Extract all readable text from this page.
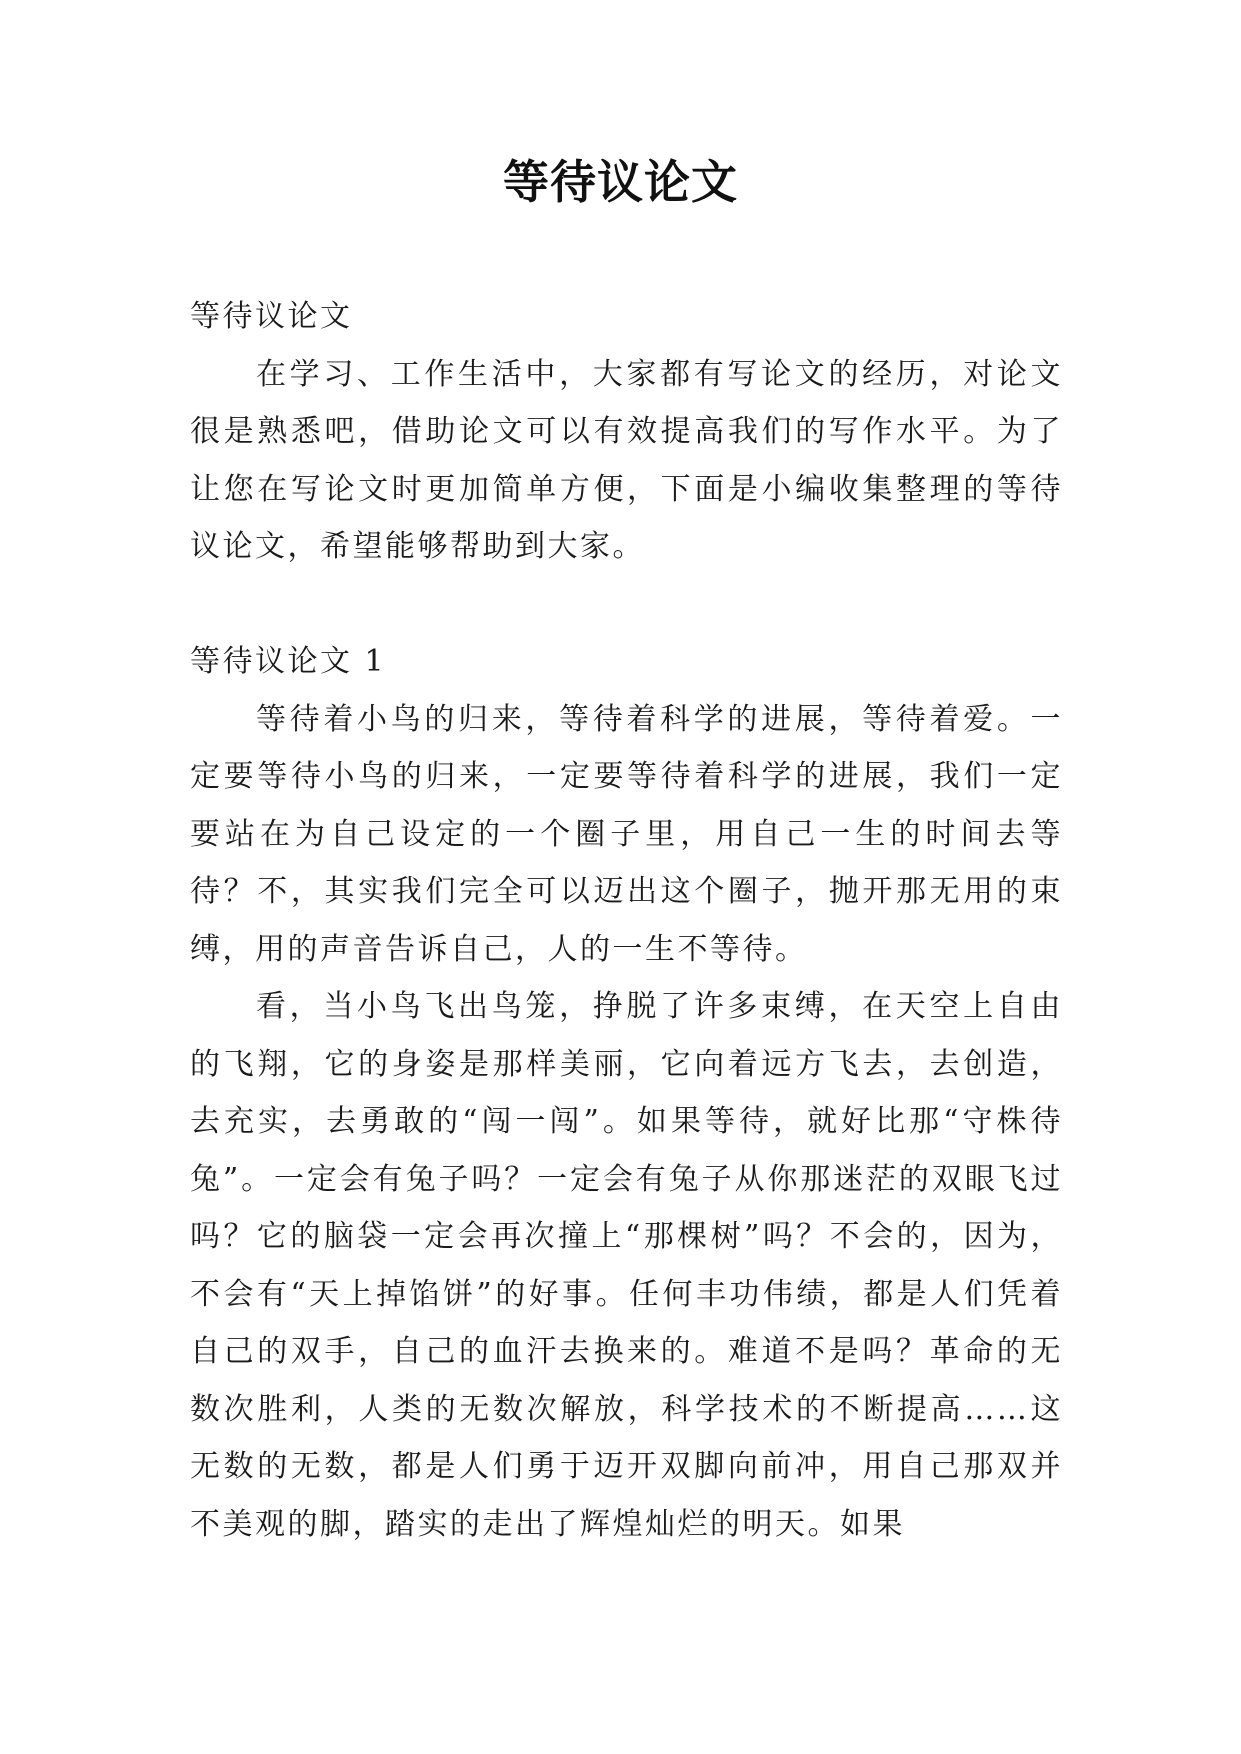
等待议论文

等待议论文

在学习、工作生活中，大家都有写论文的经历，对论文很是熟悉吧，借助论文可以有效提高我们的写作水平。为了让您在写论文时更加简单方便，下面是小编收集整理的等待议论文，希望能够帮助到大家。

等待议论文 1

等待着小鸟的归来，等待着科学的进展，等待着爱。一定要等待小鸟的归来，一定要等待着科学的进展，我们一定要站在为自己设定的一个圈子里，用自己一生的时间去等待？不，其实我们完全可以迈出这个圈子，抛开那无用的束缚，用的声音告诉自己，人的一生不等待。

看，当小鸟飞出鸟笼，挣脱了许多束缚，在天空上自由的飞翔，它的身姿是那样美丽，它向着远方飞去，去创造，去充实，去勇敢的“闯一闯”。如果等待，就好比那“守株待兔”。一定会有兔子吗？一定会有兔子从你那迷茫的双眼飞过吗？它的脑袋一定会再次撞上“那棵树”吗？不会的，因为，不会有“天上掉馅饼”的好事。任何丰功伟绩，都是人们凭着自己的双手，自己的血汗去换来的。难道不是吗？革命的无数次胜利，人类的无数次解放，科学技术的不断提高……这无数的无数，都是人们勇于迈开双脚向前冲，用自己那双并不美观的脚，踏实的走出了辉煌灿烂的明天。如果
